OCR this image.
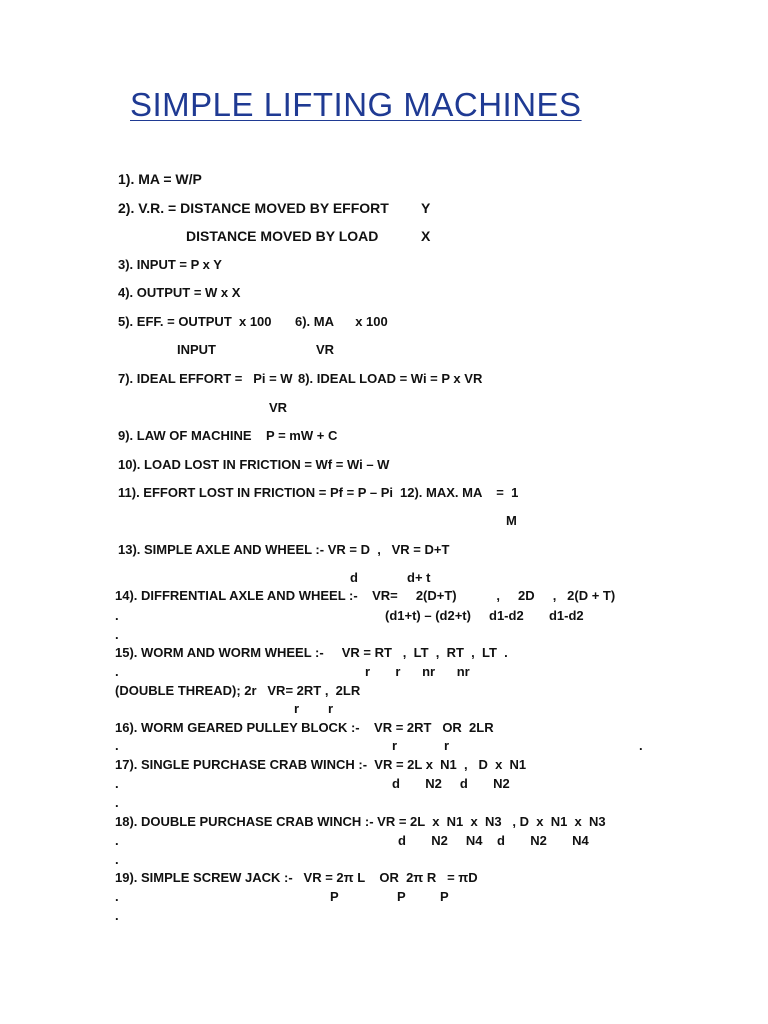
SIMPLE LIFTING MACHINES
1). MA = W/P
2). V.R. = DISTANCE MOVED BY EFFORT Y
DISTANCE MOVED BY LOAD	X
3). INPUT = P x Y
4). OUTPUT = W x X
5). EFF. = OUTPUT  x 100 6). MA      x 100
INPUT	VR
7). IDEAL EFFORT =   Pi = W 8). IDEAL LOAD = Wi = P x VR
VR
9). LAW OF MACHINE    P = mW + C
10). LOAD LOST IN FRICTION = Wf = Wi – W
11). EFFORT LOST IN FRICTION = Pf = P – Pi 12). MAX. MA    =  1
M
13). SIMPLE AXLE AND WHEEL :- VR = D  ,   VR = D+T
d	d+ t
14). DIFFRENTIAL AXLE AND WHEEL :-    VR=     2(D+T)           ,     2D     ,   2(D + T)
.	(d1+t) – (d2+t)     d1-d2       d1-d2
.
15). WORM AND WORM WHEEL :-     VR = RT   ,  LT  ,  RT  ,  LT  .
.	r       r      nr      nr
(DOUBLE THREAD); 2r   VR= 2RT ,  2LR
r        r
16). WORM GEARED PULLEY BLOCK :-    VR = 2RT   OR  2LR
.	r             r	.
17). SINGLE PURCHASE CRAB WINCH :-  VR = 2L x  N1  ,   D  x  N1
.	d       N2     d       N2
.
18). DOUBLE PURCHASE CRAB WINCH :- VR = 2L  x  N1  x  N3   , D  x  N1  x  N3
.	d       N2     N4    d       N2       N4
.
19). SIMPLE SCREW JACK :-   VR = 2π L    OR  2π R   = πD
.	P	P	P
.
